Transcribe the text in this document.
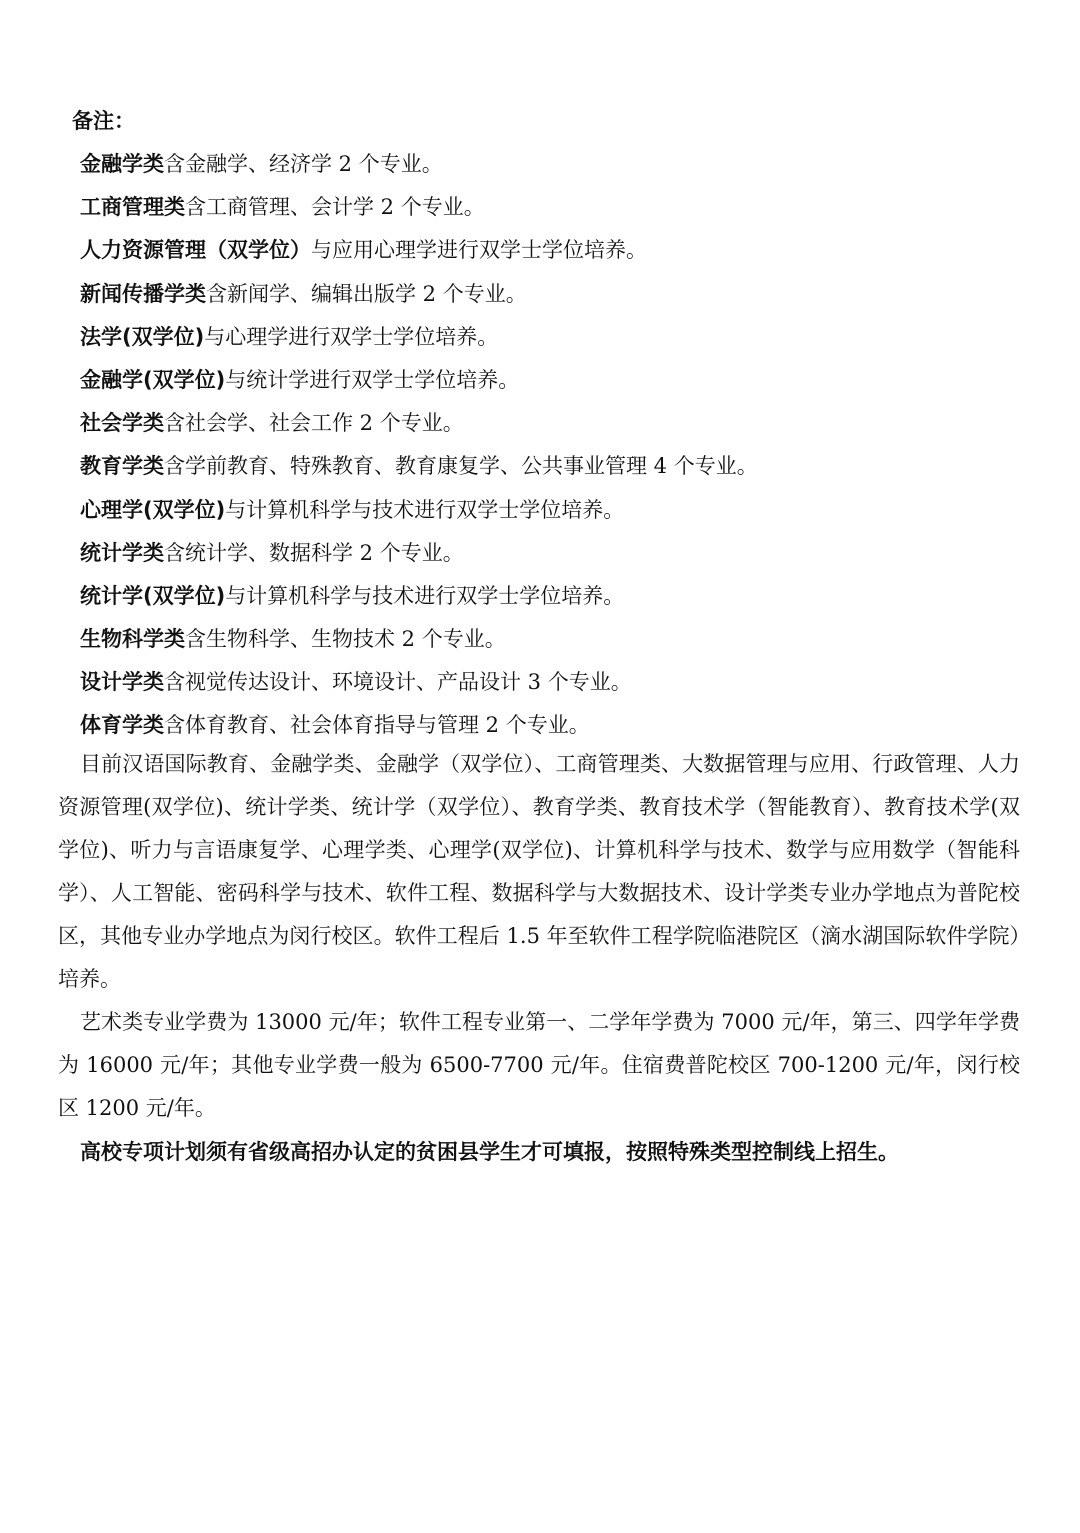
备注：
金融学类含金融学、经济学 2 个专业。
工商管理类含工商管理、会计学 2 个专业。
人力资源管理（双学位）与应用心理学进行双学士学位培养。
新闻传播学类含新闻学、编辑出版学 2 个专业。
法学(双学位)与心理学进行双学士学位培养。
金融学(双学位)与统计学进行双学士学位培养。
社会学类含社会学、社会工作 2 个专业。
教育学类含学前教育、特殊教育、教育康复学、公共事业管理 4 个专业。
心理学(双学位)与计算机科学与技术进行双学士学位培养。
统计学类含统计学、数据科学 2 个专业。
统计学(双学位)与计算机科学与技术进行双学士学位培养。
生物科学类含生物科学、生物技术 2 个专业。
设计学类含视觉传达设计、环境设计、产品设计 3 个专业。
体育学类含体育教育、社会体育指导与管理 2 个专业。

目前汉语国际教育、金融学类、金融学（双学位）、工商管理类、大数据管理与应用、行政管理、人力资源管理(双学位)、统计学类、统计学（双学位）、教育学类、教育技术学（智能教育）、教育技术学(双学位)、听力与言语康复学、心理学类、心理学(双学位)、计算机科学与技术、数学与应用数学（智能科学）、人工智能、密码科学与技术、软件工程、数据科学与大数据技术、设计学类专业办学地点为普陀校区，其他专业办学地点为闵行校区。软件工程后 1.5 年至软件工程学院临港院区（滴水湖国际软件学院）培养。

艺术类专业学费为 13000 元/年；软件工程专业第一、二学年学费为 7000 元/年，第三、四学年学费为 16000 元/年；其他专业学费一般为 6500-7700 元/年。住宿费普陀校区 700-1200 元/年，闵行校区 1200 元/年。

高校专项计划须有省级高招办认定的贫困县学生才可填报，按照特殊类型控制线上招生。
